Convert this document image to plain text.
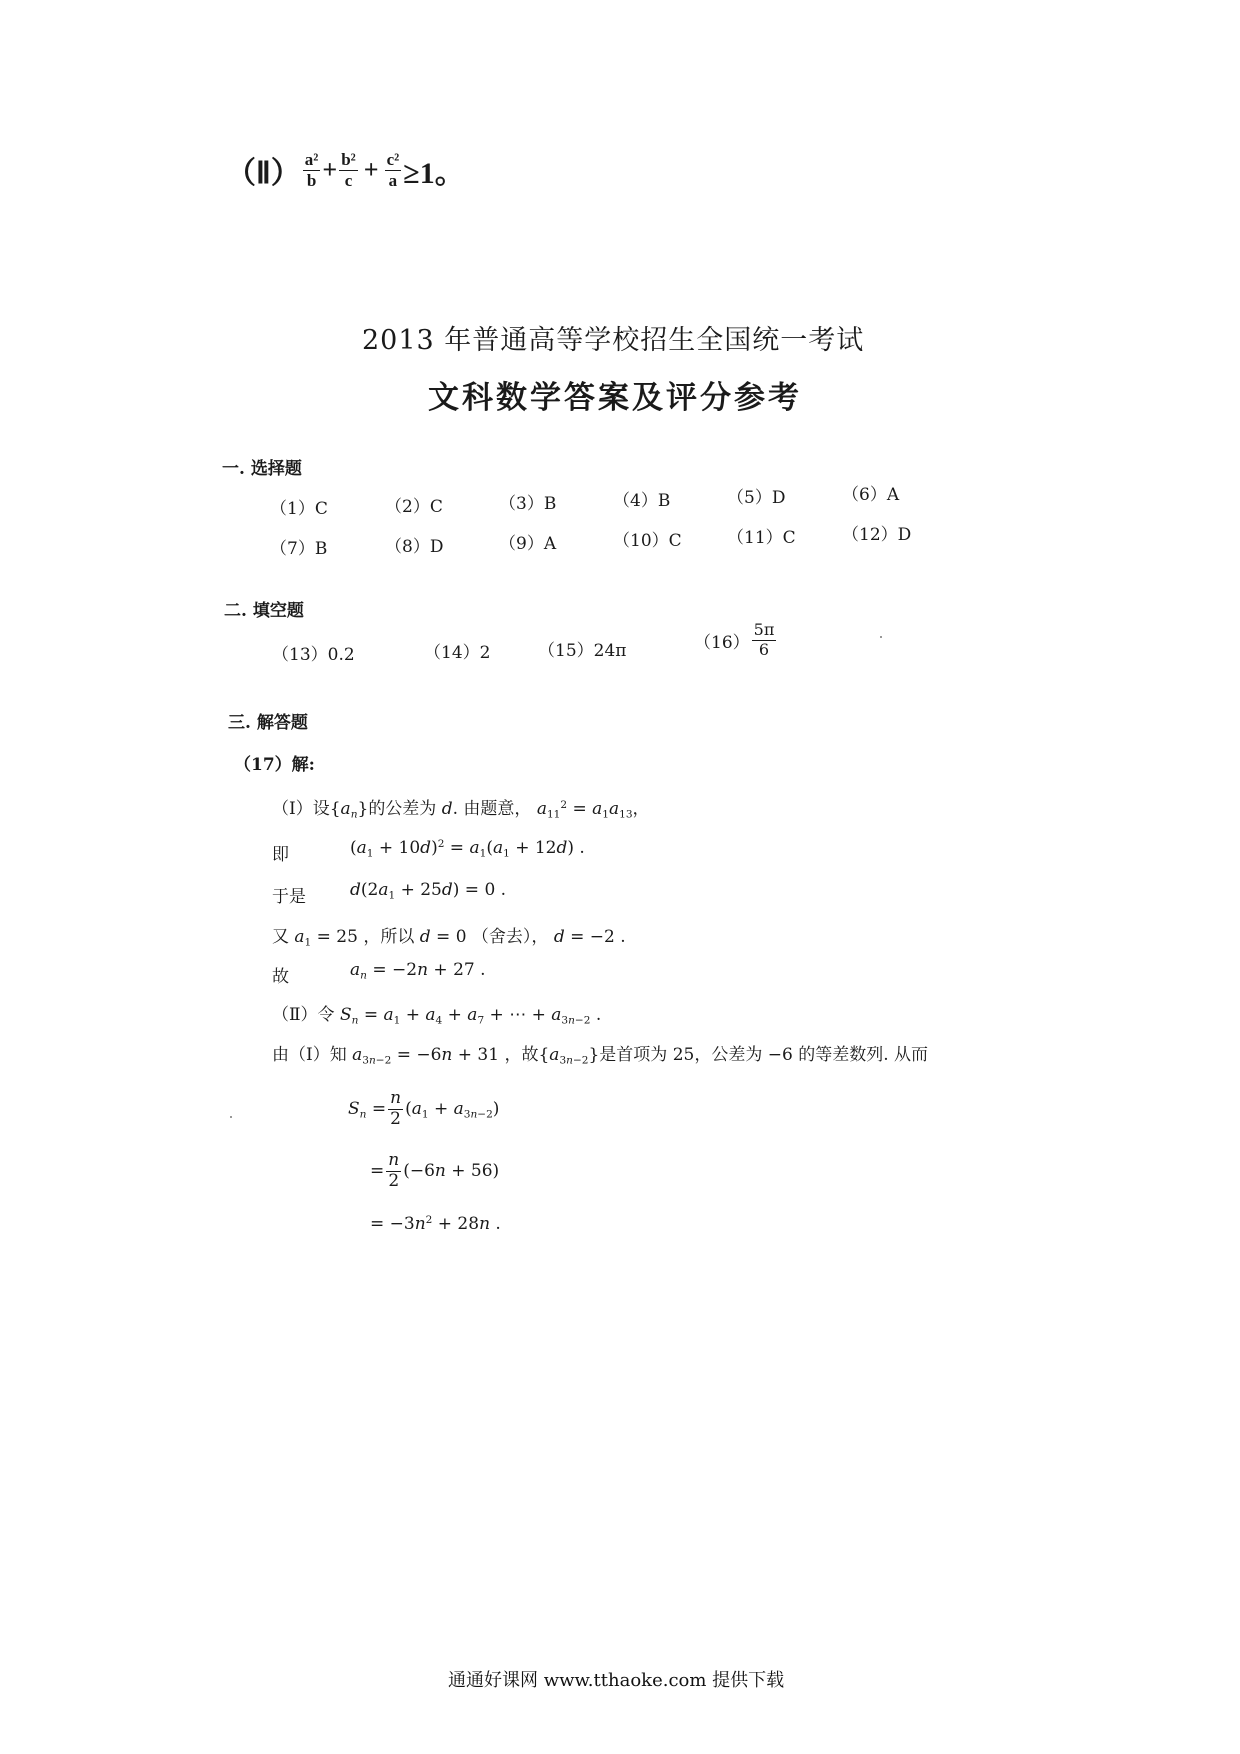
（Ⅱ） $\frac{\text{a²}}{b} + \frac{\text{b²}}{c} + \frac{\text{c²}}{a} \ge 1$。
2013 年普通高等学校招生全国统一考试
文科数学答案及评分参考
一. 选择题
（1）C	（2）C	（3）B	（4）B	（5）D	（6）A
（7）B	（8）D	（9）A	（10）C	（11）C	（12）D
二. 填空题
（13）0.2	（14）2	（15）24π	$(16) \frac{5\pi}{6}$
三. 解答题
（17）解:
（Ⅰ）设$\{a_n\}$的公差为 d. 由题意， $a_{11}^2 = a_1a_{13}$，
即	$(a_1 + 10d)^2 = a_1(a_1 + 12d)$ .
于是	$d(2a_1 + 25d) = 0$ .
又 $a_1 = 25$ ，所以 d = 0 （舍去）， d = −2 .
故	$a_n = -2n + 27$ .
（Ⅱ）令 $S_n = a_1 + a_4 + a_7$ + ⋯ + $a_{3n-2}$ .
由（Ⅰ）知 $a_{3n-2} = -6n + 31$ ，故$\{a_{3n-2}\}$是首项为 25，公差为 −6 的等差数列. 从而
$S_n = \frac{n}{2} (a_1 + a_{3n-2})$
= $\frac{n}{2} (-6n + 56)$
= $-3n^2 + 28n$ .
通通好课网 www.tthaoke.com 提供下载
